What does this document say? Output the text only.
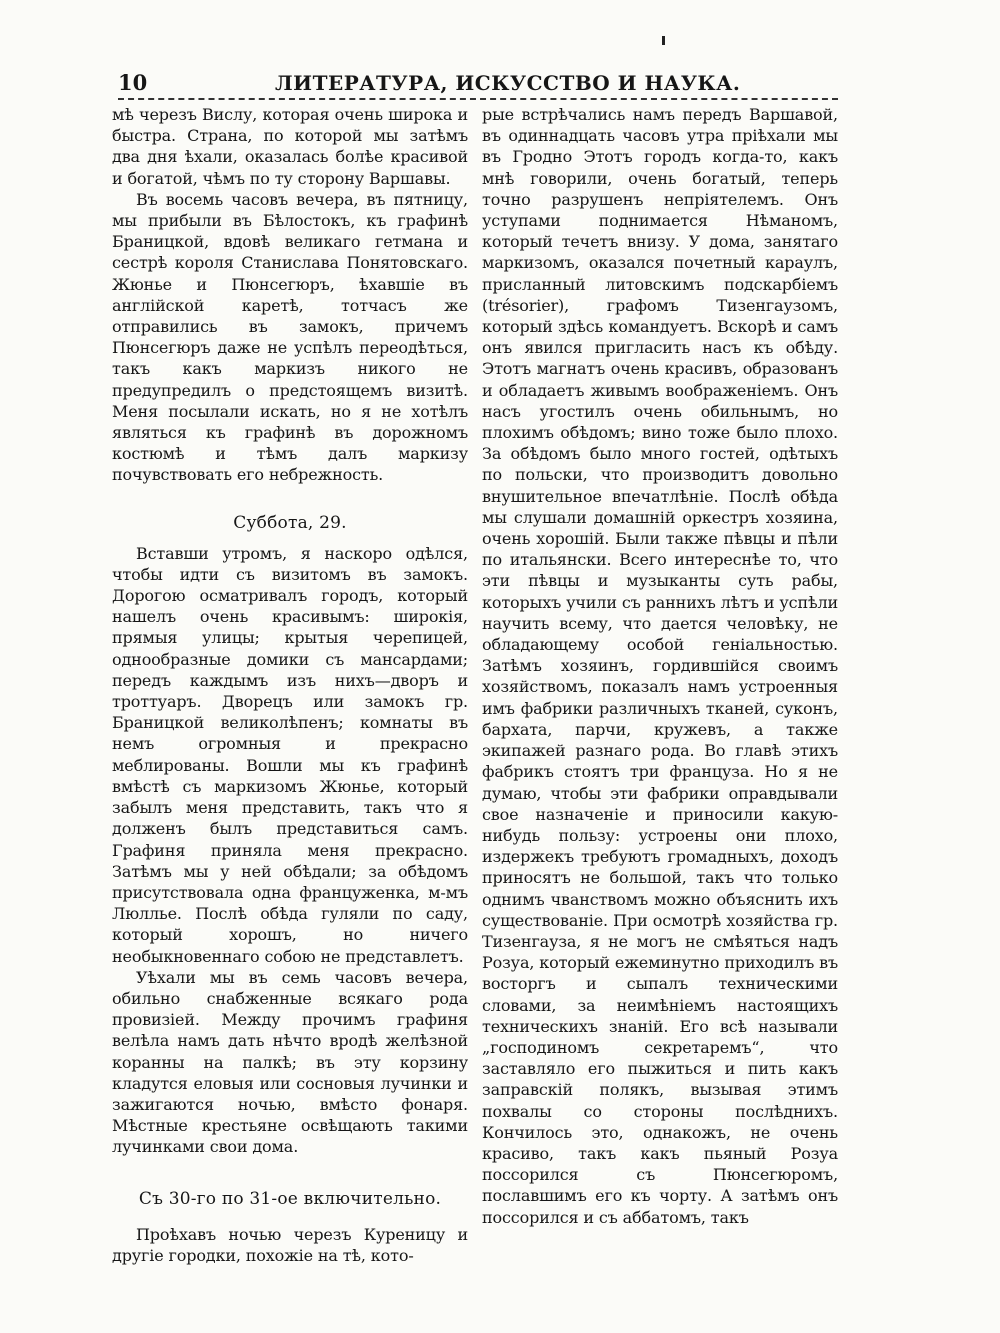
10	ЛИТЕРАТУРА, ИСКУССТВО И НАУКА.

мѣ черезъ Вислу, которая очень широка и быстра. Страна, по которой мы затѣмъ два дня ѣхали, оказалась болѣе красивой и богатой, чѣмъ по ту сторону Варшавы.

Въ восемь часовъ вечера, въ пятницу, мы прибыли въ Бѣлостокъ, къ графинѣ Браницкой, вдовѣ великаго гетмана и сестрѣ короля Станислава Понятовскаго. Жюнье и Пюнсегюръ, ѣхавшіе въ англійской каретѣ, тотчасъ же отправились въ замокъ, причемъ Пюнсегюръ даже не успѣлъ переодѣться, такъ какъ маркизъ никого не предупредилъ о предстоящемъ визитѣ. Меня посылали искать, но я не хотѣлъ являться къ графинѣ въ дорожномъ костюмѣ и тѣмъ далъ маркизу почувствовать его небрежность.

Суббота, 29.

Вставши утромъ, я наскоро одѣлся, чтобы идти съ визитомъ въ замокъ. Дорогою осматривалъ городъ, который нашелъ очень красивымъ: широкія, прямыя улицы; крытыя черепицей, однообразные домики съ мансардами; передъ каждымъ изъ нихъ—дворъ и троттуаръ. Дворецъ или замокъ гр. Браницкой великолѣпенъ; комнаты въ немъ огромныя и прекрасно меблированы. Вошли мы къ графинѣ вмѣстѣ съ маркизомъ Жюнье, который забылъ меня представить, такъ что я долженъ былъ представиться самъ. Графиня приняла меня прекрасно. Затѣмъ мы у ней обѣдали; за обѣдомъ присутствовала одна француженка, м-мъ Люлльe. Послѣ обѣда гуляли по саду, который хорошъ, но ничего необыкновеннаго собою не представлетъ.

Уѣхали мы въ семь часовъ вечера, обильно снабженные всякаго рода провизіей. Между прочимъ графиня велѣла намъ дать нѣчто вродѣ желѣзной коранны на палкѣ; въ эту корзину кладутся еловыя или сосновыя лучинки и зажигаются ночью, вмѣсто фонаря. Мѣстные крестьяне освѣщають такими лучинками свои дома.

Съ 30-го по 31-ое включительно.

Проѣхавъ ночью черезъ Куреницу и другіе городки, похожіе на тѣ, кото-

рые встрѣчались намъ передъ Варшавой, въ одиннадцать часовъ утра пріѣхали мы въ Гродно Этотъ городъ когда-то, какъ мнѣ говорили, очень богатый, теперь точно разрушенъ непріятелемъ. Онъ уступами поднимается Нѣманомъ, который течетъ внизу. У дома, занятаго маркизомъ, оказался почетный караулъ, присланный литовскимъ подскарбіемъ (trésorier), графомъ Тизенгаузомъ, который здѣсь командуетъ. Вскорѣ и самъ онъ явился пригласить насъ къ обѣду. Этотъ магнатъ очень красивъ, образованъ и обладаетъ живымъ воображеніемъ. Онъ насъ угостилъ очень обильнымъ, но плохимъ обѣдомъ; вино тоже было плохо. За обѣдомъ было много гостей, одѣтыхъ по польски, что производитъ довольно внушительное впечатлѣніе. Послѣ обѣда мы слушали домашній оркестръ хозяина, очень хорошій. Были также пѣвцы и пѣли по итальянски. Всего интереснѣе то, что эти пѣвцы и музыканты суть рабы, которыхъ учили съ раннихъ лѣтъ и успѣли научить всему, что дается человѣку, не обладающему особой геніальностью. Затѣмъ хозяинъ, гордившійся своимъ хозяйствомъ, показалъ намъ устроенныя имъ фабрики различныхъ тканей, суконъ, бархата, парчи, кружевъ, а также экипажей разнаго рода. Во главѣ этихъ фабрикъ стоятъ три француза. Но я не думаю, чтобы эти фабрики оправдывали свое назначеніе и приносили какую-нибудь пользу: устроены они плохо, издержекъ требуютъ громадныхъ, доходъ приносятъ не большой, такъ что только однимъ чванствомъ можно объяснить ихъ существованіе. При осмотрѣ хозяйства гр. Тизенгауза, я не могъ не смѣяться надъ Розуа, который ежеминутно приходилъ въ восторгъ и сыпалъ техническими словами, за неимѣніемъ настоящихъ техническихъ знаній. Его всѣ называли „господиномъ секретаремъ“, что заставляло его пыжиться и пить какъ заправскій полякъ, вызывая этимъ похвалы со стороны послѣднихъ. Кончилось это, однакожъ, не очень красиво, такъ какъ пьяный Розуа поссорился съ Пюнсегюромъ, пославшимъ его къ чорту. А затѣмъ онъ поссорился и съ аббатомъ, такъ
